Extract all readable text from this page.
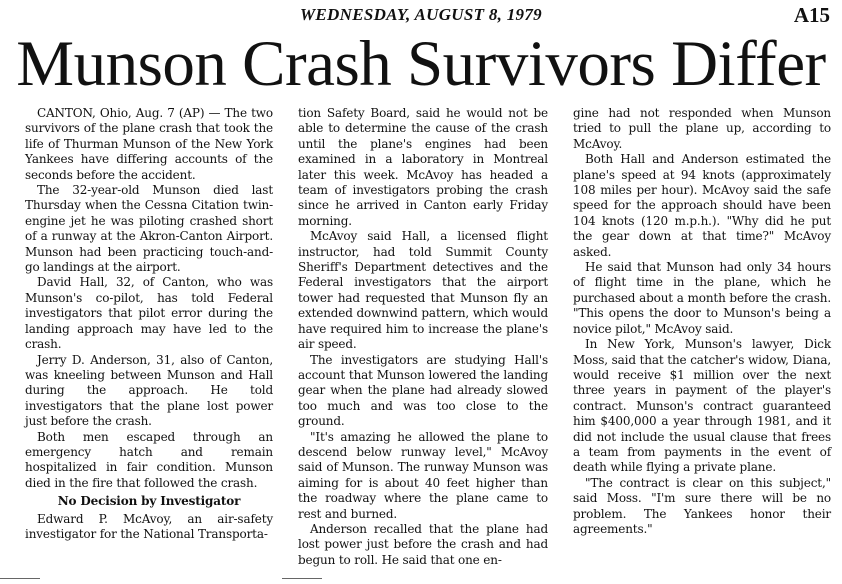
WEDNESDAY, AUGUST 8, 1979	A15
Munson Crash Survivors Differ

CANTON, Ohio, Aug. 7 (AP) — The two survivors of the plane crash that took the life of Thurman Munson of the New York Yankees have differing accounts of the seconds before the accident.

The 32-year-old Munson died last Thursday when the Cessna Citation twin-engine jet he was piloting crashed short of a runway at the Akron-Canton Airport. Munson had been practicing touch-and-go landings at the airport.

David Hall, 32, of Canton, who was Munson's co-pilot, has told Federal investigators that pilot error during the landing approach may have led to the crash.

Jerry D. Anderson, 31, also of Canton, was kneeling between Munson and Hall during the approach. He told investigators that the plane lost power just before the crash.

Both men escaped through an emergency hatch and remain hospitalized in fair condition. Munson died in the fire that followed the crash.

No Decision by Investigator

Edward P. McAvoy, an air-safety investigator for the National Transporta-

tion Safety Board, said he would not be able to determine the cause of the crash until the plane's engines had been examined in a laboratory in Montreal later this week. McAvoy has headed a team of investigators probing the crash since he arrived in Canton early Friday morning.

McAvoy said Hall, a licensed flight instructor, had told Summit County Sheriff's Department detectives and the Federal investigators that the airport tower had requested that Munson fly an extended downwind pattern, which would have required him to increase the plane's air speed.

The investigators are studying Hall's account that Munson lowered the landing gear when the plane had already slowed too much and was too close to the ground.

"It's amazing he allowed the plane to descend below runway level," McAvoy said of Munson. The runway Munson was aiming for is about 40 feet higher than the roadway where the plane came to rest and burned.

Anderson recalled that the plane had lost power just before the crash and had begun to roll. He said that one en-

gine had not responded when Munson tried to pull the plane up, according to McAvoy.

Both Hall and Anderson estimated the plane's speed at 94 knots (approximately 108 miles per hour). McAvoy said the safe speed for the approach should have been 104 knots (120 m.p.h.). "Why did he put the gear down at that time?" McAvoy asked.

He said that Munson had only 34 hours of flight time in the plane, which he purchased about a month before the crash. "This opens the door to Munson's being a novice pilot," McAvoy said.

In New York, Munson's lawyer, Dick Moss, said that the catcher's widow, Diana, would receive $1 million over the next three years in payment of the player's contract. Munson's contract guaranteed him $400,000 a year through 1981, and it did not include the usual clause that frees a team from payments in the event of death while flying a private plane.

"The contract is clear on this subject," said Moss. "I'm sure there will be no problem. The Yankees honor their agreements."
